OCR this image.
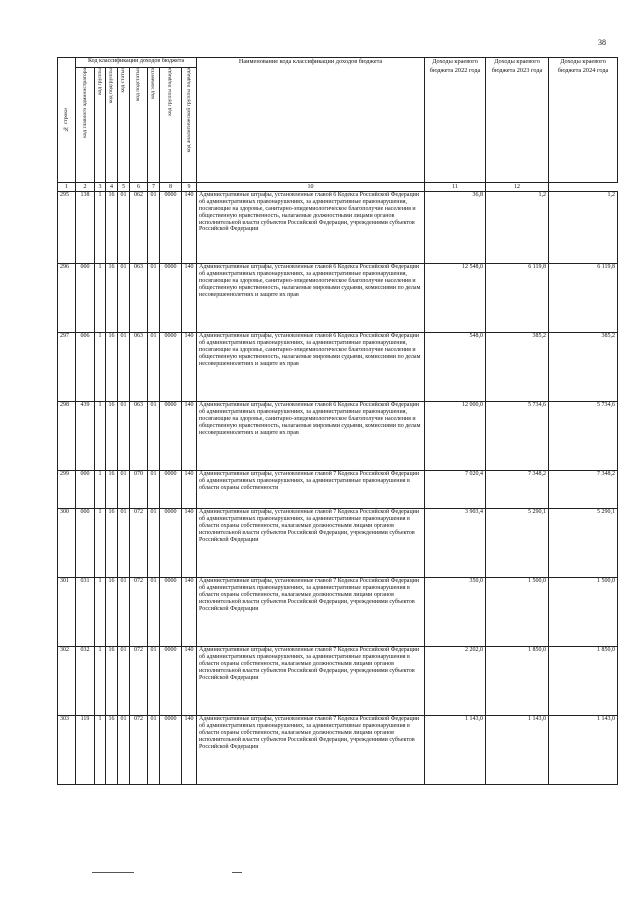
38
№ строки	Код классификации доходов бюджета								Наименование кода классификации доходов бюджета	Доходы краевого бюджета 2022 года	Доходы краевого бюджета 2023 года	Доходы краевого бюджета 2024 года

	код главного администратора	код группы	код подгруппы	код статьи	код подстатьи	код элемента	код группы подвида	код аналитической группы подвида				

1	2	3	4	5	6	7	8	9	10	11	12
295	138	1	16	01	062	01	0000	140	Административные штрафы, установленные главой 6 Кодекса Российской Федерации об административных правонарушениях, за административные правонарушения, посягающие на здоровье, санитарно-эпидемиологическое благополучие населения и общественную нравственность, налагаемые должностными лицами органов исполнительной власти субъектов Российской Федерации, учреждениями субъектов Российской Федерации	36,8	1,2	1,2
296	000	1	16	01	063	01	0000	140	Административные штрафы, установленные главой 6 Кодекса Российской Федерации об административных правонарушениях, за административные правонарушения, посягающие на здоровье, санитарно-эпидемиологическое благополучие населения и общественную нравственность, налагаемые мировыми судьями, комиссиями по делам несовершеннолетних и защите их прав	12 548,0	6 119,8	6 119,8
297	006	1	16	01	063	01	0000	140	Административные штрафы, установленные главой 6 Кодекса Российской Федерации об административных правонарушениях, за административные правонарушения, посягающие на здоровье, санитарно-эпидемиологическое благополучие населения и общественную нравственность, налагаемые мировыми судьями, комиссиями по делам несовершеннолетних и защите их прав	548,0	385,2	385,2
298	439	1	16	01	063	01	0000	140	Административные штрафы, установленные главой 6 Кодекса Российской Федерации об административных правонарушениях, за административные правонарушения, посягающие на здоровье, санитарно-эпидемиологическое благополучие населения и общественную нравственность, налагаемые мировыми судьями, комиссиями по делам несовершеннолетних и защите их прав	12 000,0	5 734,6	5 734,6
299	000	1	16	01	070	01	0000	140	Административные штрафы, установленные главой 7 Кодекса Российской Федерации об административных правонарушениях, за административные правонарушения в области охраны собственности	7 020,4	7 348,2	7 348,2
300	000	1	16	01	072	01	0000	140	Административные штрафы, установленные главой 7 Кодекса Российской Федерации об административных правонарушениях, за административные правонарушения в области охраны собственности, налагаемые должностными лицами органов исполнительной власти субъектов Российской Федерации, учреждениями субъектов Российской Федерации	3 903,4	5 290,1	5 290,1
301	031	1	16	01	072	01	0000	140	Административные штрафы, установленные главой 7 Кодекса Российской Федерации об административных правонарушениях, за административные правонарушения в области охраны собственности, налагаемые должностными лицами органов исполнительной власти субъектов Российской Федерации, учреждениями субъектов Российской Федерации	350,0	1 500,0	1 500,0
302	032	1	16	01	072	01	0000	140	Административные штрафы, установленные главой 7 Кодекса Российской Федерации об административных правонарушениях, за административные правонарушения в области охраны собственности, налагаемые должностными лицами органов исполнительной власти субъектов Российской Федерации, учреждениями субъектов Российской Федерации	2 202,0	1 850,0	1 850,0
303	119	1	16	01	072	01	0000	140	Административные штрафы, установленные главой 7 Кодекса Российской Федерации об административных правонарушениях, за административные правонарушения в области охраны собственности, налагаемые должностными лицами органов исполнительной власти субъектов Российской Федерации, учреждениями субъектов Российской Федерации	1 143,0	1 143,0	1 143,0
